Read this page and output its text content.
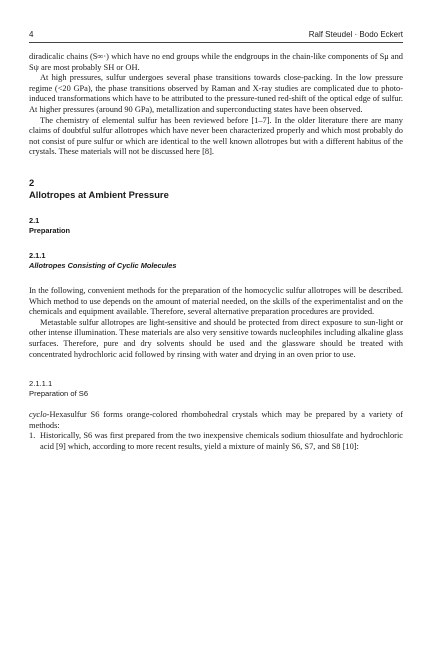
4	Ralf Steudel · Bodo Eckert

diradicalic chains (S∞·) which have no end groups while the endgroups in the chain-like components of Sμ and Sψ are most probably SH or OH.

At high pressures, sulfur undergoes several phase transitions towards close-packing. In the low pressure regime (<20 GPa), the phase transitions observed by Raman and X-ray studies are complicated due to photo-induced transformations which have to be attributed to the pressure-tuned red-shift of the optical edge of sulfur. At higher pressures (around 90 GPa), metallization and superconducting states have been observed.

The chemistry of elemental sulfur has been reviewed before [1–7]. In the older literature there are many claims of doubtful sulfur allotropes which have never been characterized properly and which most probably do not consist of pure sulfur or which are identical to the well known allotropes but with a different habitus of the crystals. These materials will not be discussed here [8].

2

Allotropes at Ambient Pressure

2.1

Preparation

2.1.1

Allotropes Consisting of Cyclic Molecules

In the following, convenient methods for the preparation of the homocyclic sulfur allotropes will be described. Which method to use depends on the amount of material needed, on the skills of the experimentalist and on the chemicals and equipment available. Therefore, several alternative preparation procedures are provided.

Metastable sulfur allotropes are light-sensitive and should be protected from direct exposure to sun-light or other intense illumination. These materials are also very sensitive towards nucleophiles including alkaline glass surfaces. Therefore, pure and dry solvents should be used and the glassware should be treated with concentrated hydrochloric acid followed by rinsing with water and drying in an oven prior to use.

2.1.1.1

Preparation of S6

cyclo-Hexasulfur S6 forms orange-colored rhombohedral crystals which may be prepared by a variety of methods:

1. Historically, S6 was first prepared from the two inexpensive chemicals sodium thiosulfate and hydrochloric acid [9] which, according to more recent results, yield a mixture of mainly S6, S7, and S8 [10]:
